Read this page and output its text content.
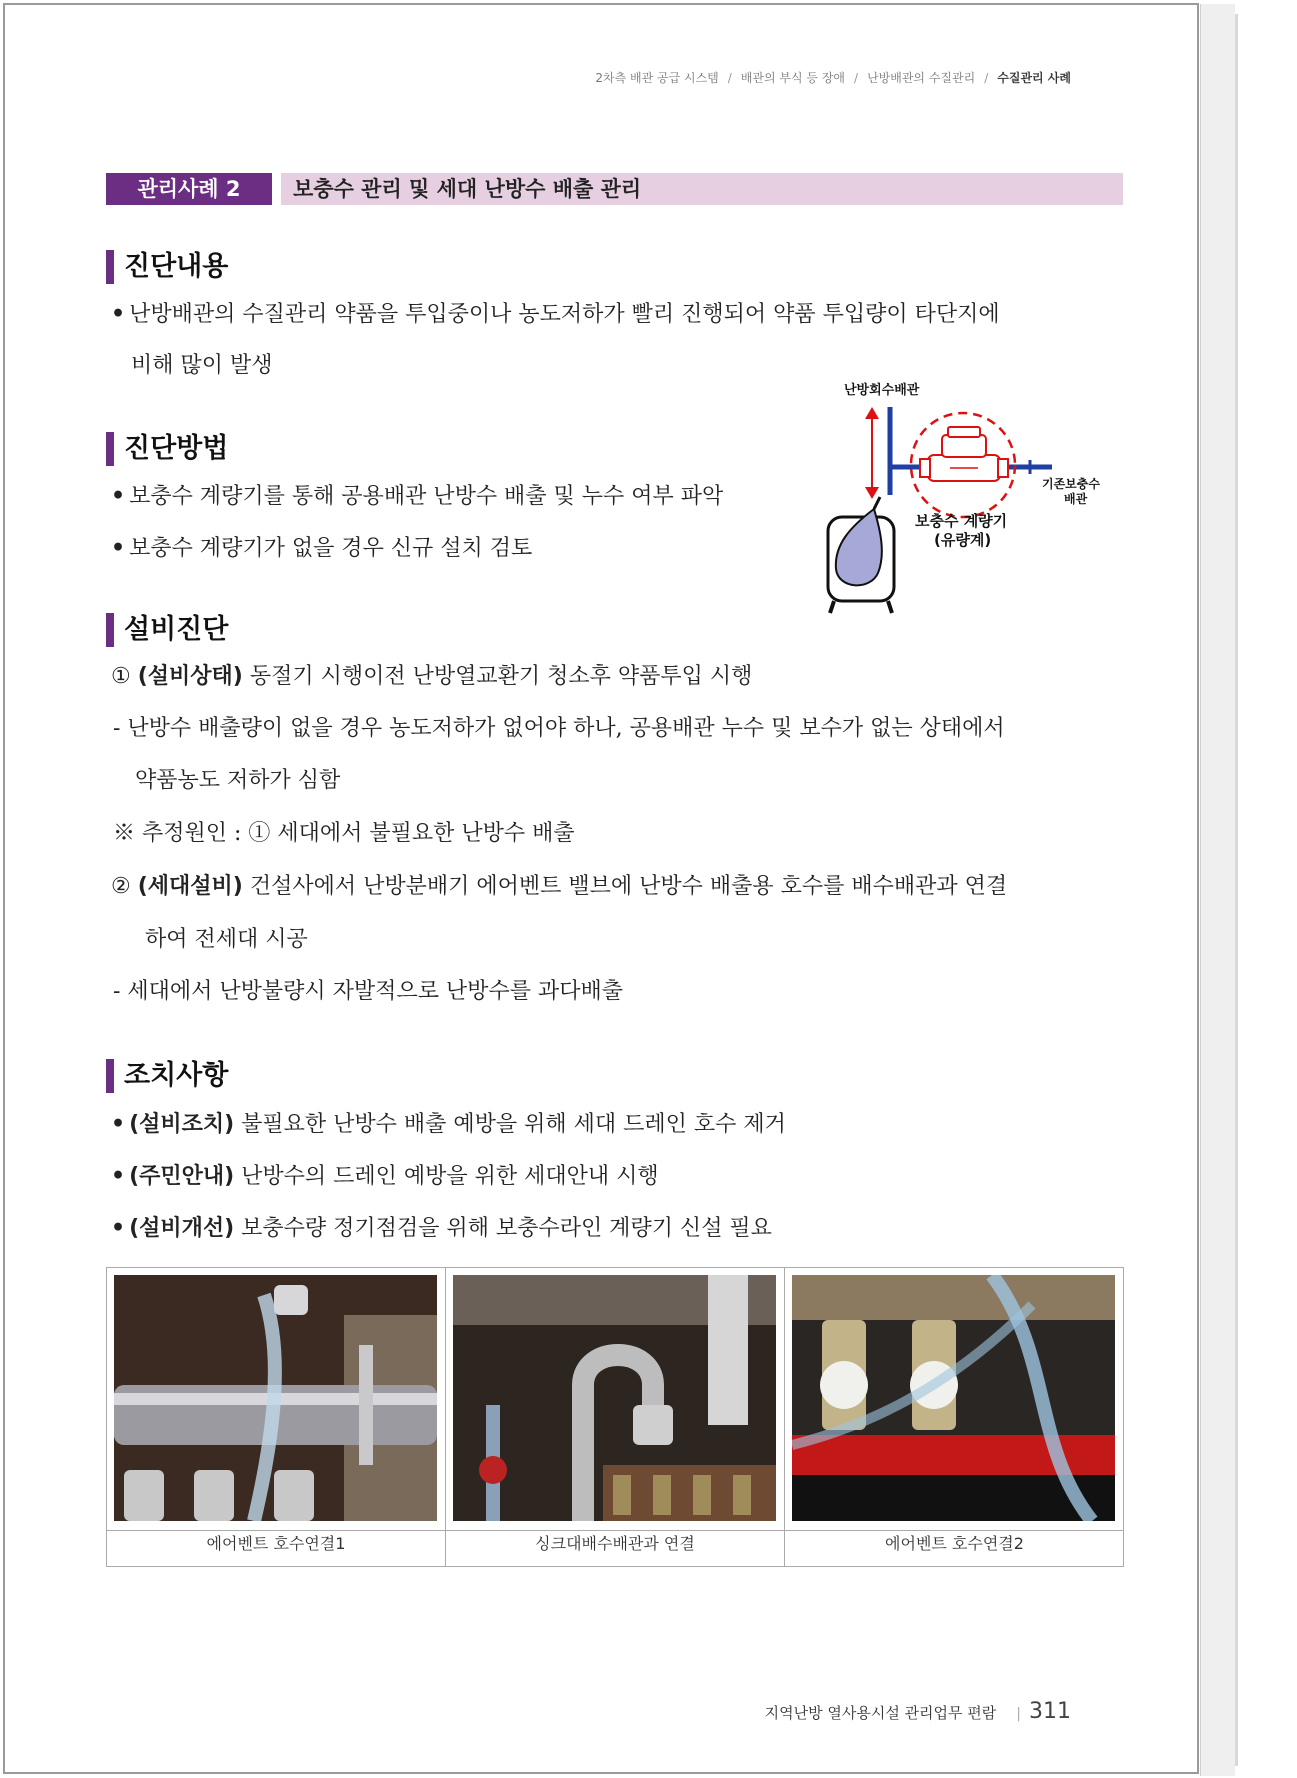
2차측 배관 공급 시스템 / 배관의 부식 등 장애 / 난방배관의 수질관리 / 수질관리 사례
관리사례 2	보충수 관리 및 세대 난방수 배출 관리
진단내용
• 난방배관의 수질관리 약품을 투입중이나 농도저하가 빨리 진행되어 약품 투입량이 타단지에
비해 많이 발생
진단방법
• 보충수 계량기를 통해 공용배관 난방수 배출 및 누수 여부 파악
• 보충수 계량기가 없을 경우 신규 설치 검토
난방회수배관
기존보충수
배관
보충수 계량기
(유량계)
설비진단
① (설비상태) 동절기 시행이전 난방열교환기 청소후 약품투입 시행
- 난방수 배출량이 없을 경우 농도저하가 없어야 하나, 공용배관 누수 및 보수가 없는 상태에서
약품농도 저하가 심함
※ 추정원인 : ① 세대에서 불필요한 난방수 배출
② (세대설비) 건설사에서 난방분배기 에어벤트 밸브에 난방수 배출용 호수를 배수배관과 연결
하여 전세대 시공
- 세대에서 난방불량시 자발적으로 난방수를 과다배출
조치사항
• (설비조치) 불필요한 난방수 배출 예방을 위해 세대 드레인 호수 제거
• (주민안내) 난방수의 드레인 예방을 위한 세대안내 시행
• (설비개선) 보충수량 정기점검을 위해 보충수라인 계량기 신설 필요
에어벤트 호수연결1	싱크대배수배관과 연결	에어벤트 호수연결2
지역난방 열사용시설 관리업무 편람 | 311
